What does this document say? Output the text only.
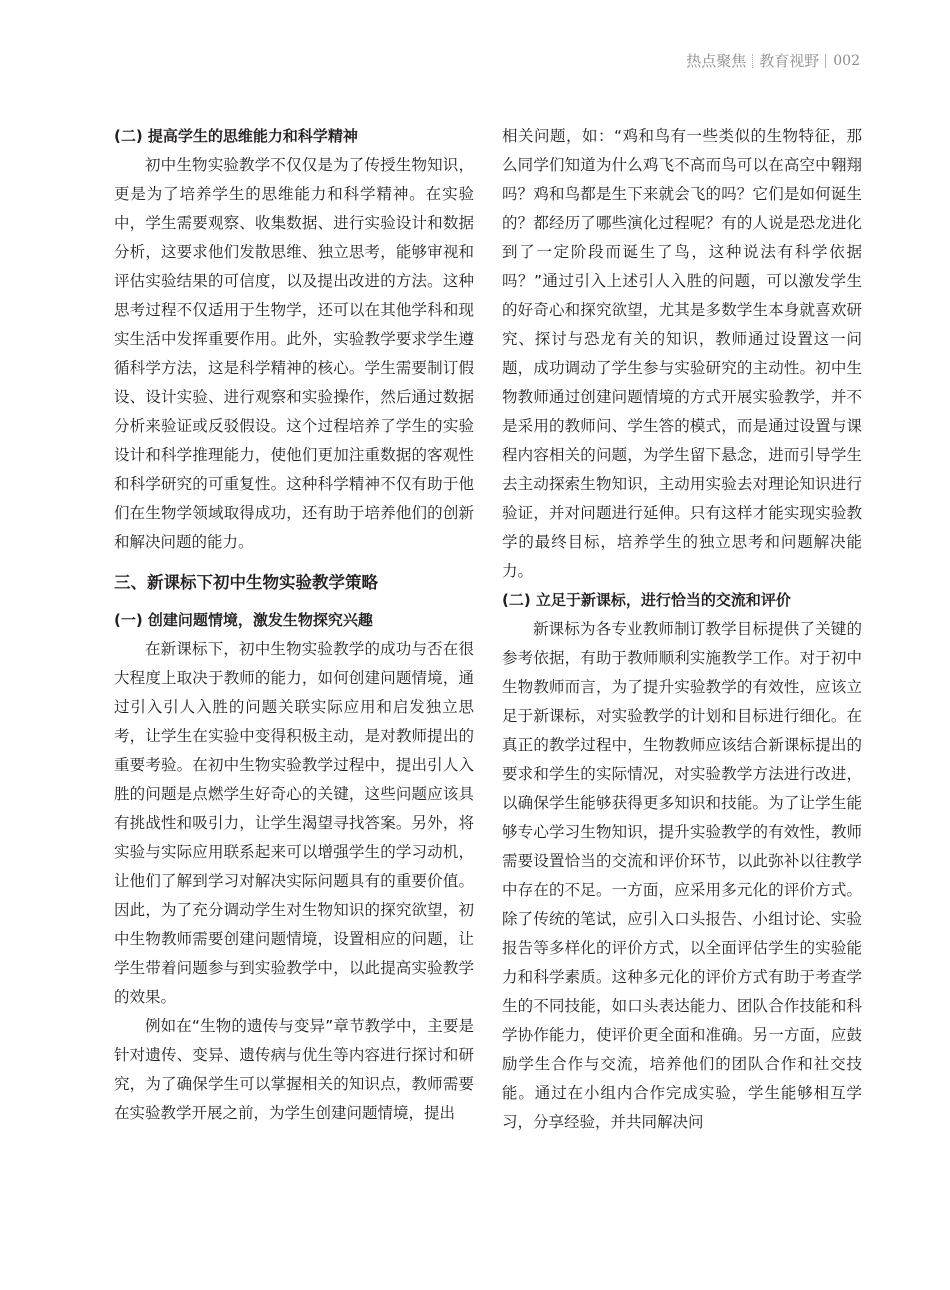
热点聚焦 教育视野 002
(二) 提高学生的思维能力和科学精神

初中生物实验教学不仅仅是为了传授生物知识，更是为了培养学生的思维能力和科学精神。在实验中，学生需要观察、收集数据、进行实验设计和数据分析，这要求他们发散思维、独立思考，能够审视和评估实验结果的可信度，以及提出改进的方法。这种思考过程不仅适用于生物学，还可以在其他学科和现实生活中发挥重要作用。此外，实验教学要求学生遵循科学方法，这是科学精神的核心。学生需要制订假设、设计实验、进行观察和实验操作，然后通过数据分析来验证或反驳假设。这个过程培养了学生的实验设计和科学推理能力，使他们更加注重数据的客观性和科学研究的可重复性。这种科学精神不仅有助于他们在生物学领域取得成功，还有助于培养他们的创新和解决问题的能力。

三、新课标下初中生物实验教学策略
(一) 创建问题情境，激发生物探究兴趣

在新课标下，初中生物实验教学的成功与否在很大程度上取决于教师的能力，如何创建问题情境，通过引入引人入胜的问题关联实际应用和启发独立思考，让学生在实验中变得积极主动，是对教师提出的重要考验。在初中生物实验教学过程中，提出引人入胜的问题是点燃学生好奇心的关键，这些问题应该具有挑战性和吸引力，让学生渴望寻找答案。另外，将实验与实际应用联系起来可以增强学生的学习动机，让他们了解到学习对解决实际问题具有的重要价值。因此，为了充分调动学生对生物知识的探究欲望，初中生物教师需要创建问题情境，设置相应的问题，让学生带着问题参与到实验教学中，以此提高实验教学的效果。

例如在“生物的遗传与变异”章节教学中，主要是针对遗传、变异、遗传病与优生等内容进行探讨和研究，为了确保学生可以掌握相关的知识点，教师需要在实验教学开展之前，为学生创建问题情境，提出

相关问题，如：“鸡和鸟有一些类似的生物特征，那么同学们知道为什么鸡飞不高而鸟可以在高空中翱翔吗？鸡和鸟都是生下来就会飞的吗？它们是如何诞生的？都经历了哪些演化过程呢？有的人说是恐龙进化到了一定阶段而诞生了鸟，这种说法有科学依据吗？”通过引入上述引人入胜的问题，可以激发学生的好奇心和探究欲望，尤其是多数学生本身就喜欢研究、探讨与恐龙有关的知识，教师通过设置这一问题，成功调动了学生参与实验研究的主动性。初中生物教师通过创建问题情境的方式开展实验教学，并不是采用的教师问、学生答的模式，而是通过设置与课程内容相关的问题，为学生留下悬念，进而引导学生去主动探索生物知识，主动用实验去对理论知识进行验证，并对问题进行延伸。只有这样才能实现实验教学的最终目标，培养学生的独立思考和问题解决能力。

(二) 立足于新课标，进行恰当的交流和评价

新课标为各专业教师制订教学目标提供了关键的参考依据，有助于教师顺利实施教学工作。对于初中生物教师而言，为了提升实验教学的有效性，应该立足于新课标，对实验教学的计划和目标进行细化。在真正的教学过程中，生物教师应该结合新课标提出的要求和学生的实际情况，对实验教学方法进行改进，以确保学生能够获得更多知识和技能。为了让学生能够专心学习生物知识，提升实验教学的有效性，教师需要设置恰当的交流和评价环节，以此弥补以往教学中存在的不足。一方面，应采用多元化的评价方式。除了传统的笔试，应引入口头报告、小组讨论、实验报告等多样化的评价方式，以全面评估学生的实验能力和科学素质。这种多元化的评价方式有助于考查学生的不同技能，如口头表达能力、团队合作技能和科学协作能力，使评价更全面和准确。另一方面，应鼓励学生合作与交流，培养他们的团队合作和社交技能。通过在小组内合作完成实验，学生能够相互学习，分享经验，并共同解决问
